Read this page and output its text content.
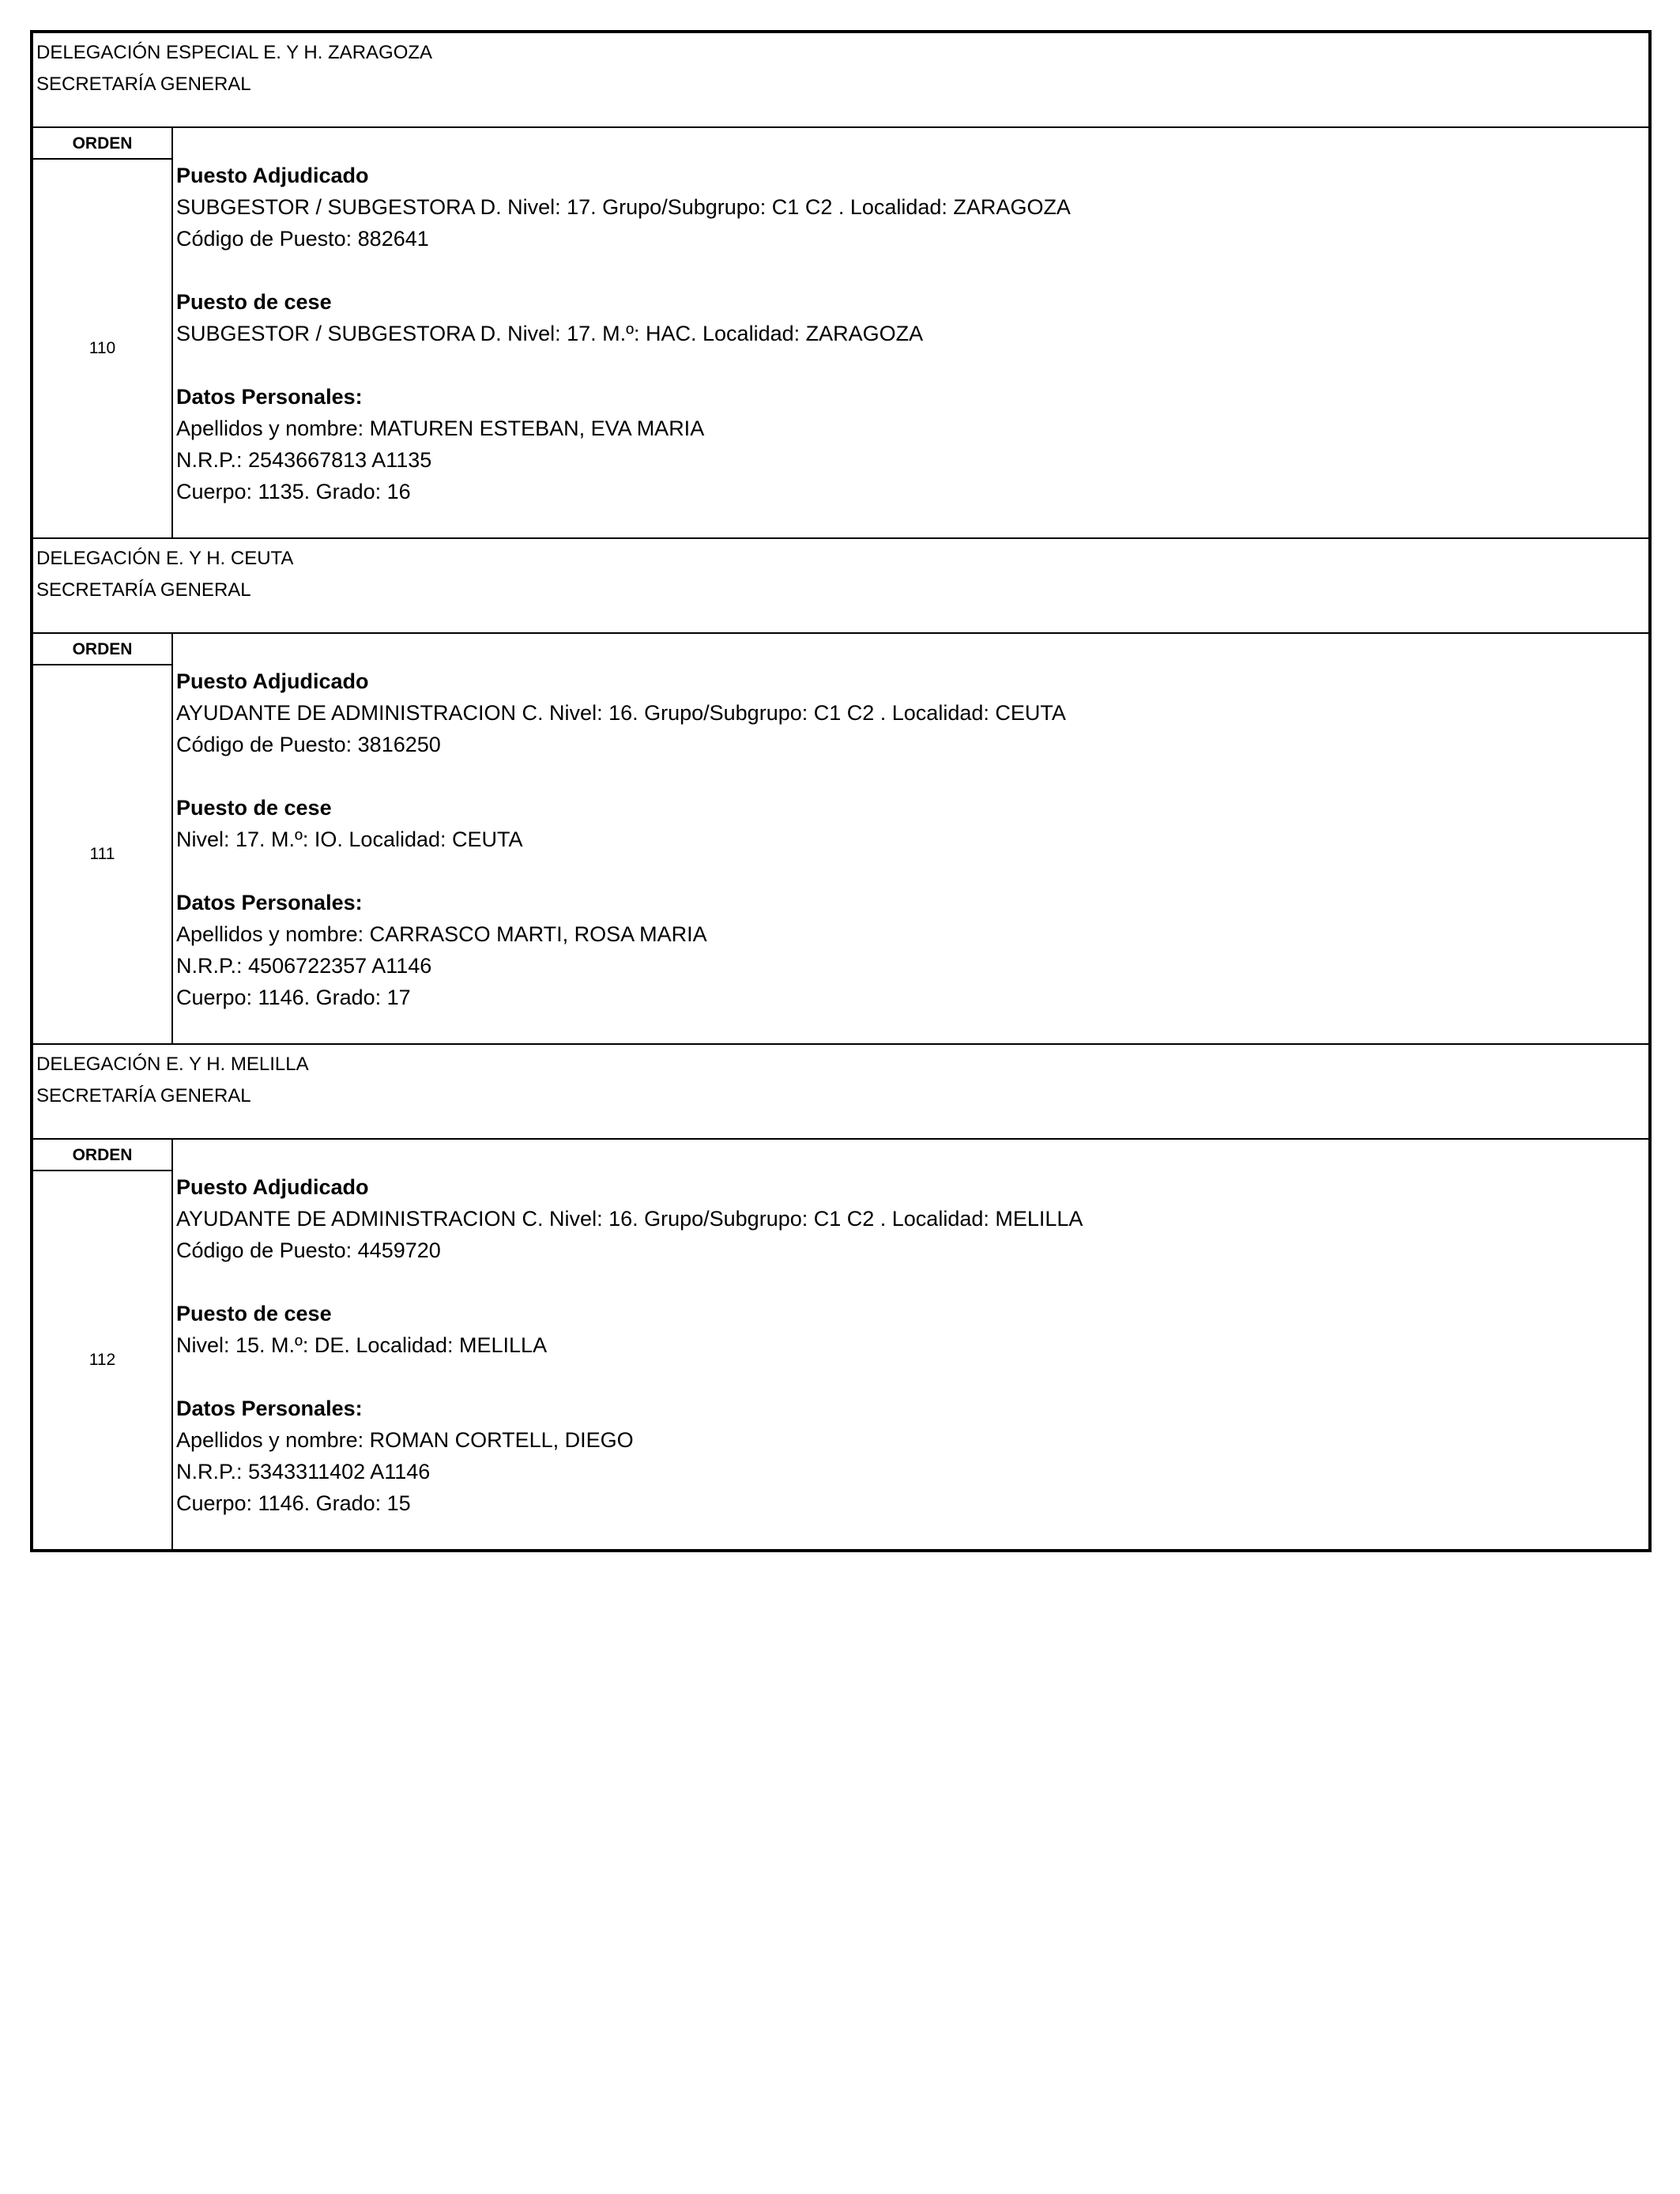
DELEGACIÓN ESPECIAL E. Y H. ZARAGOZA
SECRETARÍA GENERAL
ORDEN
110
Puesto Adjudicado
SUBGESTOR / SUBGESTORA D. Nivel: 17. Grupo/Subgrupo: C1 C2 . Localidad: ZARAGOZA
Código de Puesto: 882641
Puesto de cese
SUBGESTOR / SUBGESTORA D. Nivel: 17. M.º: HAC. Localidad: ZARAGOZA
Datos Personales:
Apellidos y nombre: MATUREN ESTEBAN, EVA MARIA
N.R.P.: 2543667813 A1135
Cuerpo: 1135. Grado: 16
DELEGACIÓN E. Y H. CEUTA
SECRETARÍA GENERAL
ORDEN
111
Puesto Adjudicado
AYUDANTE DE ADMINISTRACION C. Nivel: 16. Grupo/Subgrupo: C1 C2 . Localidad: CEUTA
Código de Puesto: 3816250
Puesto de cese
Nivel: 17. M.º: IO. Localidad: CEUTA
Datos Personales:
Apellidos y nombre: CARRASCO MARTI, ROSA MARIA
N.R.P.: 4506722357 A1146
Cuerpo: 1146. Grado: 17
DELEGACIÓN E. Y H. MELILLA
SECRETARÍA GENERAL
ORDEN
112
Puesto Adjudicado
AYUDANTE DE ADMINISTRACION C. Nivel: 16. Grupo/Subgrupo: C1 C2 . Localidad: MELILLA
Código de Puesto: 4459720
Puesto de cese
Nivel: 15. M.º: DE. Localidad: MELILLA
Datos Personales:
Apellidos y nombre: ROMAN CORTELL, DIEGO
N.R.P.: 5343311402 A1146
Cuerpo: 1146. Grado: 15
